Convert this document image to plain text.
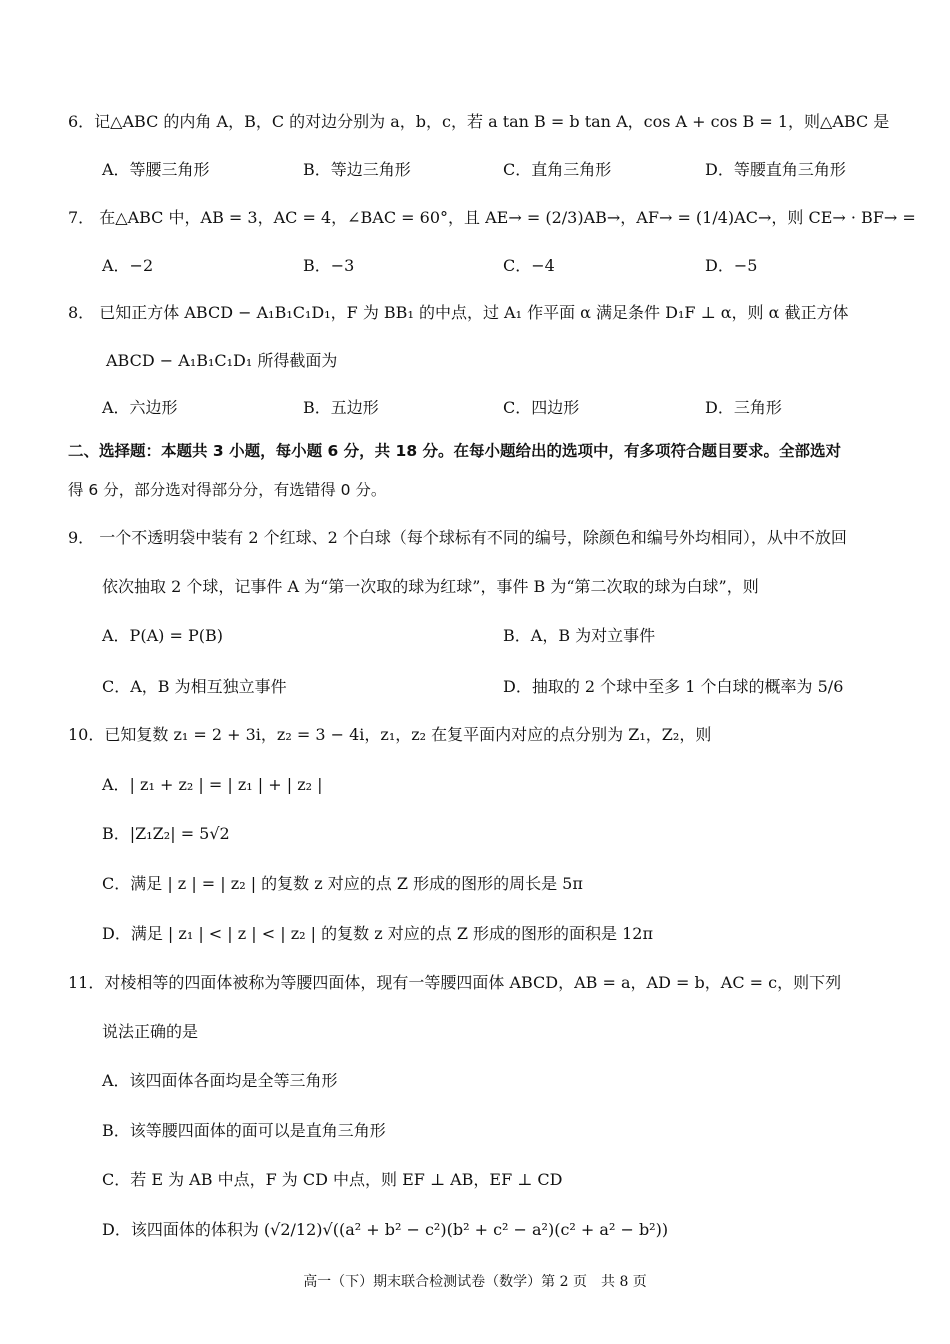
6．记△ABC 的内角 A，B，C 的对边分别为 a，b，c，若 a tan B = b tan A，cos A + cos B = 1，则△ABC 是
A．等腰三角形	B．等边三角形	C．直角三角形	D．等腰直角三角形
7． 在△ABC 中，AB = 3，AC = 4，∠BAC = 60°，且 AE→ = (2/3)AB→，AF→ = (1/4)AC→，则 CE→ · BF→ =
A．−2	B．−3	C．−4	D．−5
8． 已知正方体 ABCD − A₁B₁C₁D₁，F 为 BB₁ 的中点，过 A₁ 作平面 α 满足条件 D₁F ⊥ α，则 α 截正方体
ABCD − A₁B₁C₁D₁ 所得截面为
A．六边形	B．五边形	C．四边形	D．三角形
二、选择题：本题共 3 小题，每小题 6 分，共 18 分。在每小题给出的选项中，有多项符合题目要求。全部选对
得 6 分，部分选对得部分分，有选错得 0 分。
9． 一个不透明袋中装有 2 个红球、2 个白球（每个球标有不同的编号，除颜色和编号外均相同），从中不放回
依次抽取 2 个球，记事件 A 为“第一次取的球为红球”，事件 B 为“第二次取的球为白球”，则
A．P(A) = P(B)	B．A，B 为对立事件
C．A，B 为相互独立事件	D．抽取的 2 个球中至多 1 个白球的概率为 5/6
10．已知复数 z₁ = 2 + 3i，z₂ = 3 − 4i，z₁，z₂ 在复平面内对应的点分别为 Z₁，Z₂，则
A．| z₁ + z₂ | = | z₁ | + | z₂ |
B．|Z₁Z₂| = 5√2
C．满足 | z | = | z₂ | 的复数 z 对应的点 Z 形成的图形的周长是 5π
D．满足 | z₁ | < | z | < | z₂ | 的复数 z 对应的点 Z 形成的图形的面积是 12π
11．对棱相等的四面体被称为等腰四面体，现有一等腰四面体 ABCD，AB = a，AD = b，AC = c，则下列
说法正确的是
A．该四面体各面均是全等三角形
B．该等腰四面体的面可以是直角三角形
C．若 E 为 AB 中点，F 为 CD 中点，则 EF ⊥ AB，EF ⊥ CD
D．该四面体的体积为 (√2/12)√((a² + b² − c²)(b² + c² − a²)(c² + a² − b²))
高一（下）期末联合检测试卷（数学）第 2 页　共 8 页
